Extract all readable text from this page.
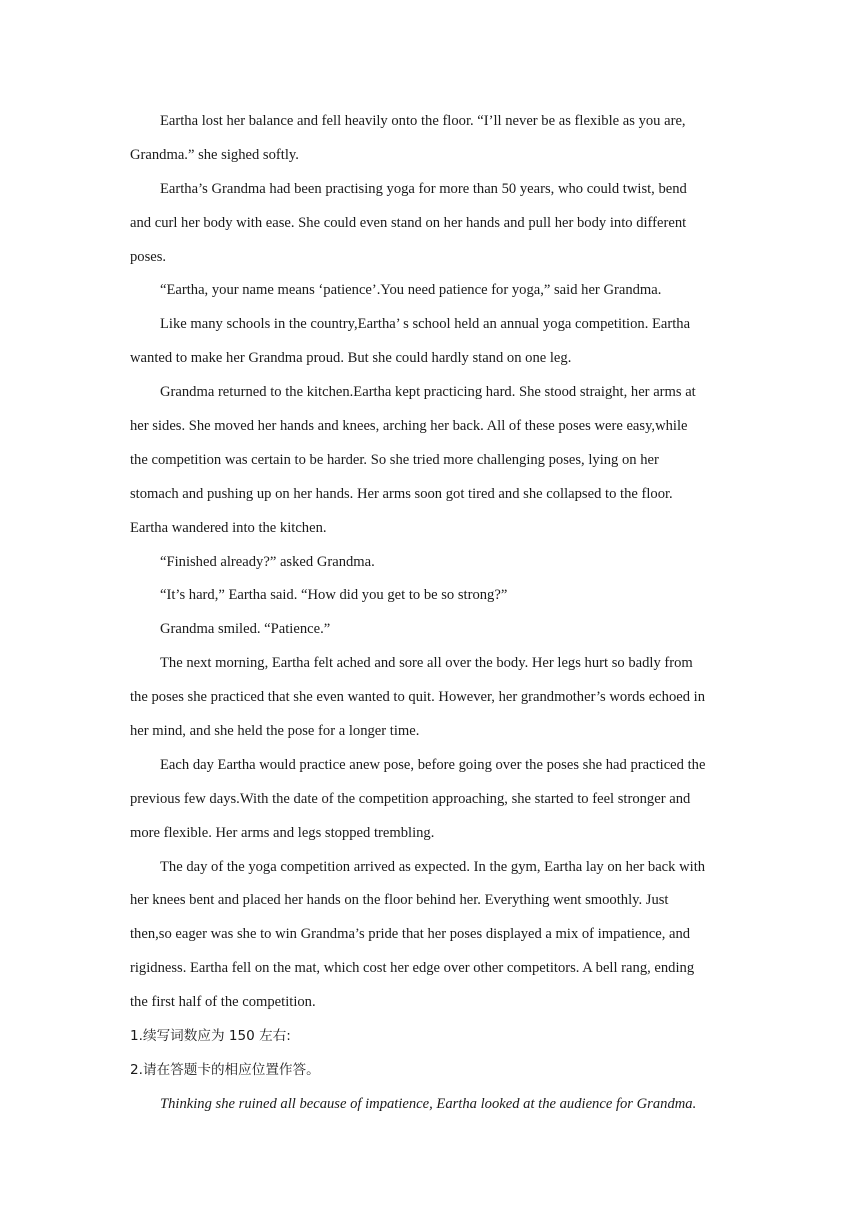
Eartha lost her balance and fell heavily onto the floor. “I’ll never be as flexible as you are,

Grandma.” she sighed softly.

Eartha’s Grandma had been practising yoga for more than 50 years, who could twist, bend

and curl her body with ease. She could even stand on her hands and pull her body into different

poses.

“Eartha, your name means ‘patience’.You need patience for yoga,” said her Grandma.

Like many schools in the country,Eartha’ s school held an annual yoga competition. Eartha

wanted to make her Grandma proud. But she could hardly stand on one leg.

Grandma returned to the kitchen.Eartha kept practicing hard. She stood straight, her arms at

her sides. She moved her hands and knees, arching her back. All of these poses were easy,while

the competition was certain to be harder. So she tried more challenging poses, lying on her

stomach and pushing up on her hands. Her arms soon got tired and she collapsed to the floor.

Eartha wandered into the kitchen.

“Finished already?” asked Grandma.

“It’s hard,” Eartha said. “How did you get to be so strong?”

Grandma smiled. “Patience.”

The next morning, Eartha felt ached and sore all over the body. Her legs hurt so badly from

the poses she practiced that she even wanted to quit. However, her grandmother’s words echoed in

her mind, and she held the pose for a longer time.

Each day Eartha would practice anew pose, before going over the poses she had practiced the

previous few days.With the date of the competition approaching, she started to feel stronger and

more flexible. Her arms and legs stopped trembling.

The day of the yoga competition arrived as expected. In the gym, Eartha lay on her back with

her knees bent and placed her hands on the floor behind her. Everything went smoothly. Just

then,so eager was she to win Grandma’s pride that her poses displayed a mix of impatience, and

rigidness. Eartha fell on the mat, which cost her edge over other competitors. A bell rang, ending

the first half of the competition.

1.续写词数应为 150 左右:

2.请在答题卡的相应位置作答。

Thinking she ruined all because of impatience, Eartha looked at the audience for Grandma.
